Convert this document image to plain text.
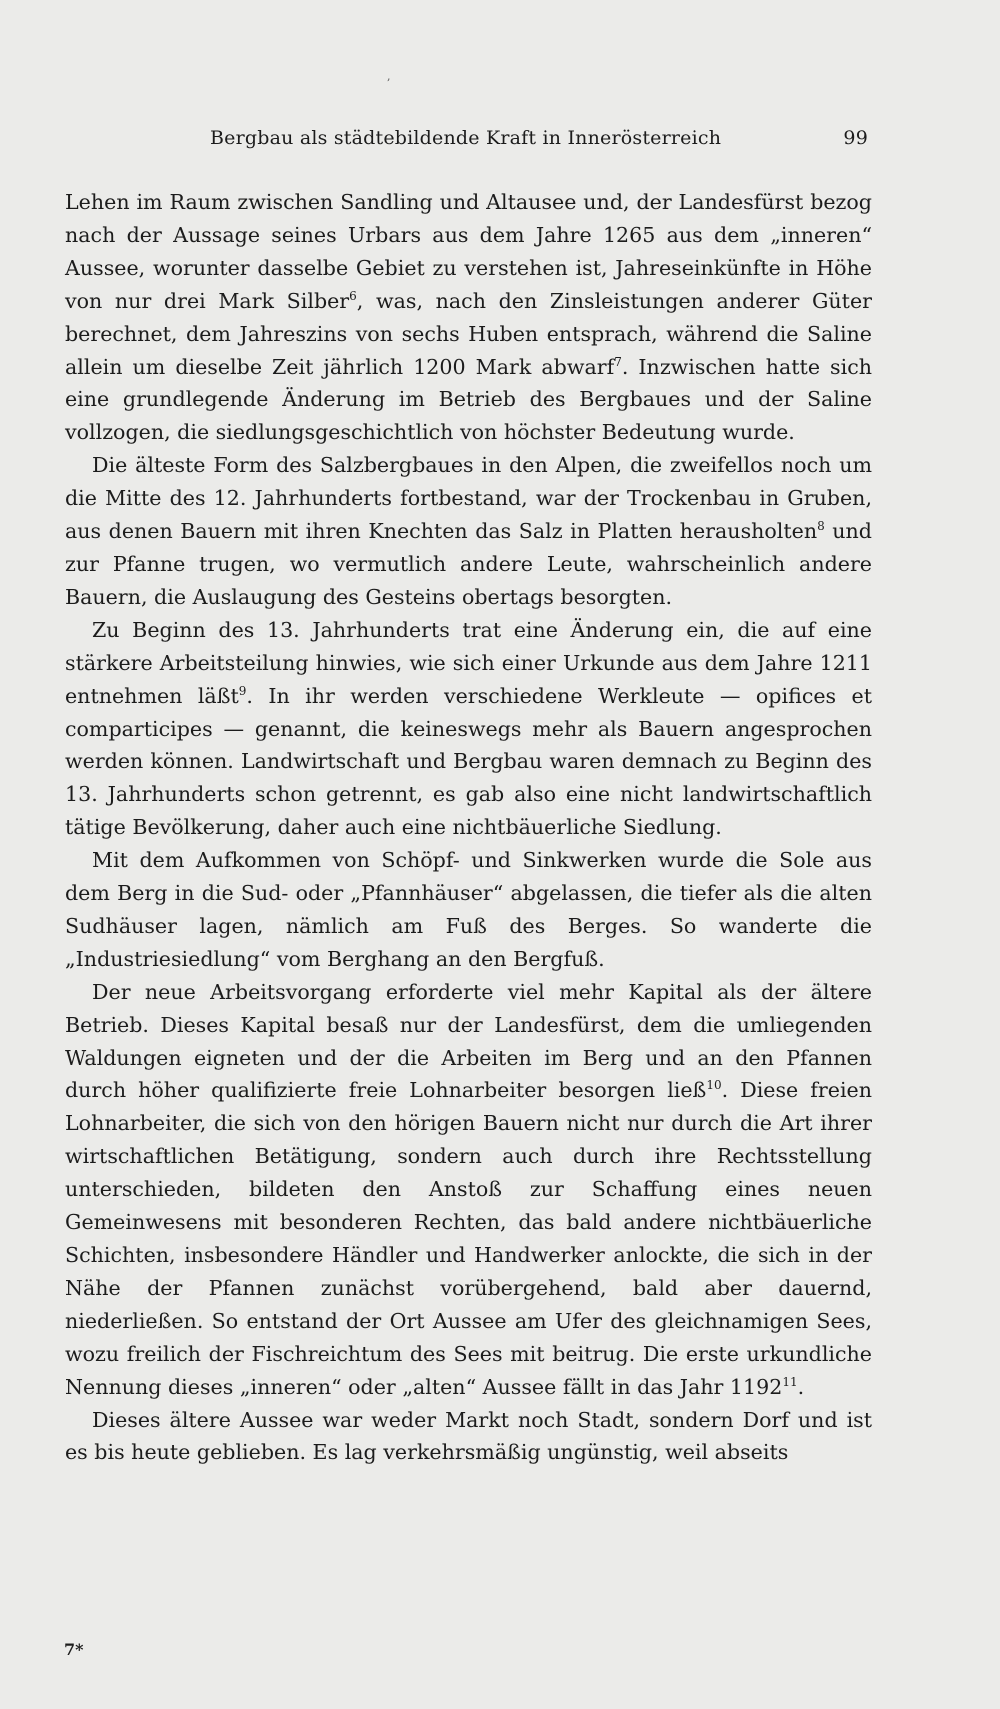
,
Bergbau als städtebildende Kraft in Innerösterreich	99

Lehen im Raum zwischen Sandling und Altausee und, der Landesfürst bezog nach der Aussage seines Urbars aus dem Jahre 1265 aus dem „inneren“ Aussee, worunter dasselbe Gebiet zu verstehen ist, Jahreseinkünfte in Höhe von nur drei Mark Silber$^6$, was, nach den Zinsleistungen anderer Güter berechnet, dem Jahreszins von sechs Huben entsprach, während die Saline allein um dieselbe Zeit jährlich 1200 Mark abwarf$^7$. Inzwischen hatte sich eine grundlegende Änderung im Betrieb des Bergbaues und der Saline vollzogen, die siedlungsgeschichtlich von höchster Bedeutung wurde.

Die älteste Form des Salzbergbaues in den Alpen, die zweifellos noch um die Mitte des 12. Jahrhunderts fortbestand, war der Trockenbau in Gruben, aus denen Bauern mit ihren Knechten das Salz in Platten herausholten$^8$ und zur Pfanne trugen, wo vermutlich andere Leute, wahrscheinlich andere Bauern, die Auslaugung des Gesteins obertags besorgten.

Zu Beginn des 13. Jahrhunderts trat eine Änderung ein, die auf eine stärkere Arbeitsteilung hinwies, wie sich einer Urkunde aus dem Jahre 1211 entnehmen läßt$^9$. In ihr werden verschiedene Werkleute — opifices et comparticipes — genannt, die keineswegs mehr als Bauern angesprochen werden können. Landwirtschaft und Bergbau waren demnach zu Beginn des 13. Jahrhunderts schon getrennt, es gab also eine nicht landwirtschaftlich tätige Bevölkerung, daher auch eine nichtbäuerliche Siedlung.

Mit dem Aufkommen von Schöpf- und Sinkwerken wurde die Sole aus dem Berg in die Sud- oder „Pfannhäuser“ abgelassen, die tiefer als die alten Sudhäuser lagen, nämlich am Fuß des Berges. So wanderte die „Industriesiedlung“ vom Berghang an den Bergfuß.

Der neue Arbeitsvorgang erforderte viel mehr Kapital als der ältere Betrieb. Dieses Kapital besaß nur der Landesfürst, dem die umliegenden Waldungen eigneten und der die Arbeiten im Berg und an den Pfannen durch höher qualifizierte freie Lohnarbeiter besorgen ließ$^{10}$. Diese freien Lohnarbeiter, die sich von den hörigen Bauern nicht nur durch die Art ihrer wirtschaftlichen Betätigung, sondern auch durch ihre Rechtsstellung unterschieden, bildeten den Anstoß zur Schaffung eines neuen Gemeinwesens mit besonderen Rechten, das bald andere nichtbäuerliche Schichten, insbesondere Händler und Handwerker anlockte, die sich in der Nähe der Pfannen zunächst vorübergehend, bald aber dauernd, niederließen. So entstand der Ort Aussee am Ufer des gleichnamigen Sees, wozu freilich der Fischreichtum des Sees mit beitrug. Die erste urkundliche Nennung dieses „inneren“ oder „alten“ Aussee fällt in das Jahr 1192$^{11}$.

Dieses ältere Aussee war weder Markt noch Stadt, sondern Dorf und ist es bis heute geblieben. Es lag verkehrsmäßig ungünstig, weil abseits

7*
